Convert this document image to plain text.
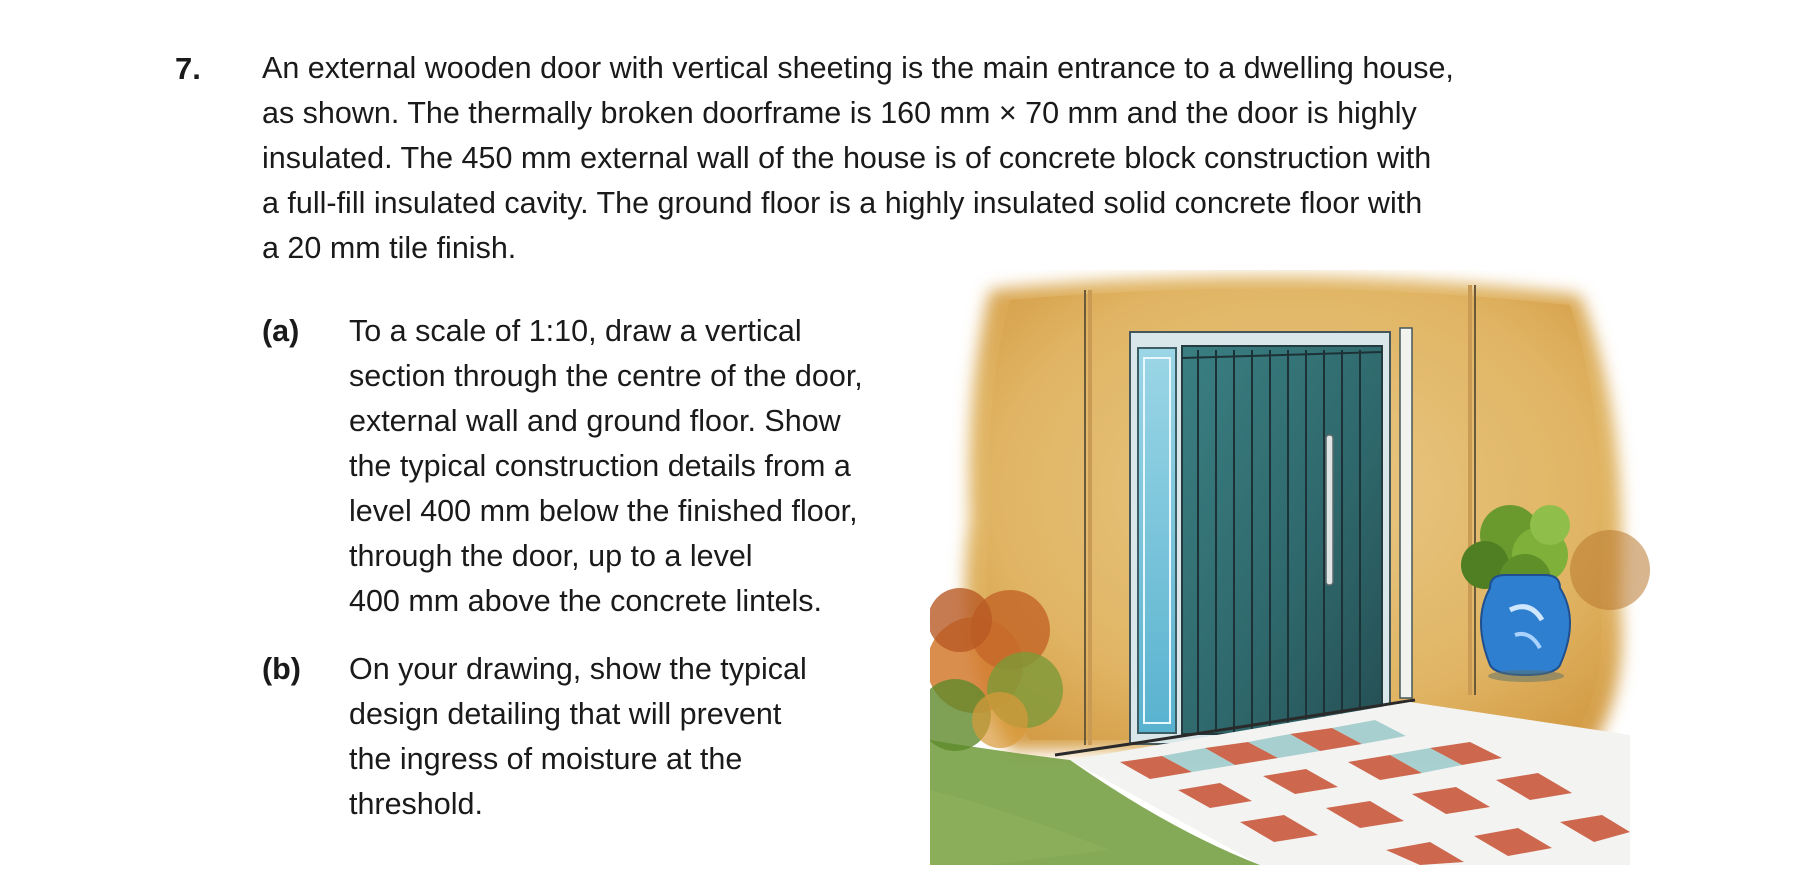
7. An external wooden door with vertical sheeting is the main entrance to a dwelling house,
as shown. The thermally broken doorframe is 160 mm × 70 mm and the door is highly
insulated. The 450 mm external wall of the house is of concrete block construction with
a full-fill insulated cavity. The ground floor is a highly insulated solid concrete floor with
a 20 mm tile finish.
(a) To a scale of 1:10, draw a vertical
section through the centre of the door,
external wall and ground floor. Show
the typical construction details from a
level 400 mm below the finished floor,
through the door, up to a level
400 mm above the concrete lintels.
(b) On your drawing, show the typical
design detailing that will prevent
the ingress of moisture at the
threshold.
